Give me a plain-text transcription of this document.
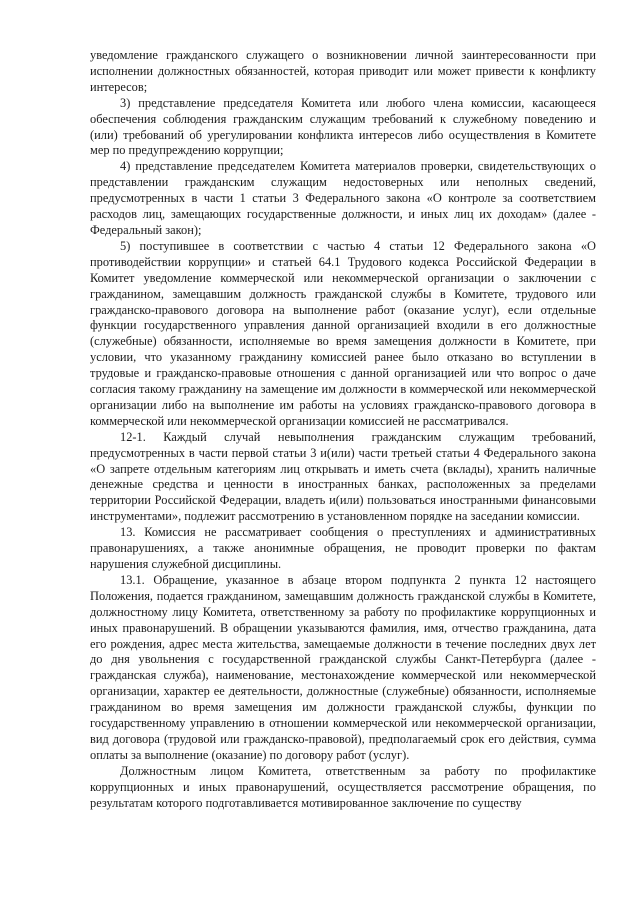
уведомление гражданского служащего о возникновении личной заинтересованности при исполнении должностных обязанностей, которая приводит или может привести к конфликту интересов;

3) представление председателя Комитета или любого члена комиссии, касающееся обеспечения соблюдения гражданским служащим требований к служебному поведению и (или) требований об урегулировании конфликта интересов либо осуществления в Комитете мер по предупреждению коррупции;

4) представление председателем Комитета материалов проверки, свидетельствующих о представлении гражданским служащим недостоверных или неполных сведений, предусмотренных в части 1 статьи 3 Федерального закона «О контроле за соответствием расходов лиц, замещающих государственные должности, и иных лиц их доходам» (далее - Федеральный закон);

5) поступившее в соответствии с частью 4 статьи 12 Федерального закона «О противодействии коррупции» и статьей 64.1 Трудового кодекса Российской Федерации в Комитет уведомление коммерческой или некоммерческой организации о заключении с гражданином, замещавшим должность гражданской службы в Комитете, трудового или гражданско-правового договора на выполнение работ (оказание услуг), если отдельные функции государственного управления данной организацией входили в его должностные (служебные) обязанности, исполняемые во время замещения должности в Комитете, при условии, что указанному гражданину комиссией ранее было отказано во вступлении в трудовые и гражданско-правовые отношения с данной организацией или что вопрос о даче согласия такому гражданину на замещение им должности в коммерческой или некоммерческой организации либо на выполнение им работы на условиях гражданско-правового договора в коммерческой или некоммерческой организации комиссией не рассматривался.

12-1. Каждый случай невыполнения гражданским служащим требований, предусмотренных в части первой статьи 3 и(или) части третьей статьи 4 Федерального закона «О запрете отдельным категориям лиц открывать и иметь счета (вклады), хранить наличные денежные средства и ценности в иностранных банках, расположенных за пределами территории Российской Федерации, владеть и(или) пользоваться иностранными финансовыми инструментами», подлежит рассмотрению в установленном порядке на заседании комиссии.

13. Комиссия не рассматривает сообщения о преступлениях и административных правонарушениях, а также анонимные обращения, не проводит проверки по фактам нарушения служебной дисциплины.

13.1. Обращение, указанное в абзаце втором подпункта 2 пункта 12 настоящего Положения, подается гражданином, замещавшим должность гражданской службы в Комитете, должностному лицу Комитета, ответственному за работу по профилактике коррупционных и иных правонарушений. В обращении указываются фамилия, имя, отчество гражданина, дата его рождения, адрес места жительства, замещаемые должности в течение последних двух лет до дня увольнения с государственной гражданской службы Санкт-Петербурга (далее - гражданская служба), наименование, местонахождение коммерческой или некоммерческой организации, характер ее деятельности, должностные (служебные) обязанности, исполняемые гражданином во время замещения им должности гражданской службы, функции по государственному управлению в отношении коммерческой или некоммерческой организации, вид договора (трудовой или гражданско-правовой), предполагаемый срок его действия, сумма оплаты за выполнение (оказание) по договору работ (услуг).

Должностным лицом Комитета, ответственным за работу по профилактике коррупционных и иных правонарушений, осуществляется рассмотрение обращения, по результатам которого подготавливается мотивированное заключение по существу
